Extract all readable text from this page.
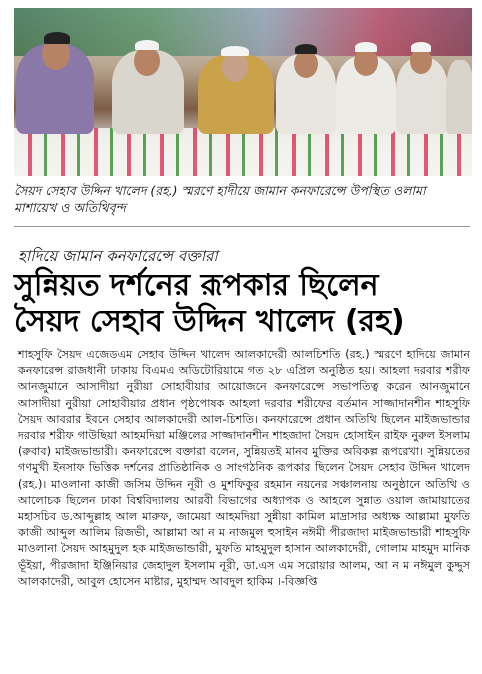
সৈয়দ সেহাব উদ্দিন খালেদ (রহ.) স্মরণে হাদীয়ে জামান কনফারেন্সে উপস্থিত ওলামা মাশায়েখ ও অতিথিবৃন্দ
হাদিয়ে জামান কনফারেন্সে বক্তারা
সুন্নিয়ত দর্শনের রূপকার ছিলেন
সৈয়দ সেহাব উদ্দিন খালেদ (রহ)
শাহসুফি সৈয়দ এজেডএম সেহাব উদ্দিন খালেদ আলকাদেরী আলচিশতি (রহ.) স্মরণে হাদিয়ে জামান কনফারেন্স রাজধানী ঢাকায় বিএমএ অডিটোরিয়ামে গত ২৮ এপ্রিল অনুষ্ঠিত হয়। আহলা দরবার শরীফ আনজুমানে আসাদীয়া নুরীয়া সোহাবীয়ার আয়োজনে কনফারেন্সে সভাপতিত্ব করেন আনজুমানে আসাদীয়া নুরীয়া সোহাবীয়ার প্রধান পৃষ্ঠপোষক আহলা দরবার শরীফের বর্তমান সাজ্জাদানশীন শাহসুফি সৈয়দ আবরার ইবনে সেহাব আলকাদেরী আল-চিশতি। কনফারেন্সে প্রধান অতিথি ছিলেন মাইজভান্ডার দরবার শরীফ গাউছিয়া আহমদিয়া মঞ্জিলের সাজ্জাদানশীন শাহজাদা সৈয়দ হোসাইন রাইফ নুরুল ইসলাম (রুবাব) মাইজভান্ডারী। কনফারেন্সে বক্তারা বলেন, সুন্নিয়তই মানব মুক্তির অবিকল্প রূপরেখা। সুন্নিয়তের গণমুখী ইনসাফ ভিত্তিক দর্শনের প্রাতিষ্ঠানিক ও সাংগঠনিক রূপকার ছিলেন সৈয়দ সেহাব উদ্দিন খালেদ (রহ.)। মাওলানা কাজী জসিম উদ্দিন নূরী ও মুশফিকুর রহমান নয়নের সঞ্চালনায় অনুষ্ঠানে অতিথি ও আলোচক ছিলেন ঢাকা বিশ্ববিদ্যালয় আরবী বিভাগের অধ্যাপক ও আহলে সুন্নাত ওয়াল জামায়াতের মহাসচিব ড.আব্দুল্লাহ আল মারুফ, জামেয়া আহমদিয়া সুন্নীয়া কামিল মাদ্রাসার অধ্যক্ষ আল্লামা মুফতি কাজী আব্দুল আলিম রিজভী, আল্লামা আ ন ম নাজমুল হুসাইন নঈমী পীরজাদা মাইজভান্ডারী শাহসুফি মাওলানা সৈয়দ আহমুদুল হক মাইজভান্ডারী, মুফতি মাহমুদুল হাসান আলকাদেরী, গোলাম মাহমুদ মানিক ভূঁইয়া, পীরজাদা ইঞ্জিনিয়ার জেহাদুল ইসলাম নূরী, ডা.এস এম সরোয়ার আলম, আ ন ম নঈমুল কুদ্দুস আলকাদেরী, আবুল হোসেন মাষ্টার, মুহাম্মদ আবদুল হাকিম ।-বিজ্ঞপ্তি
